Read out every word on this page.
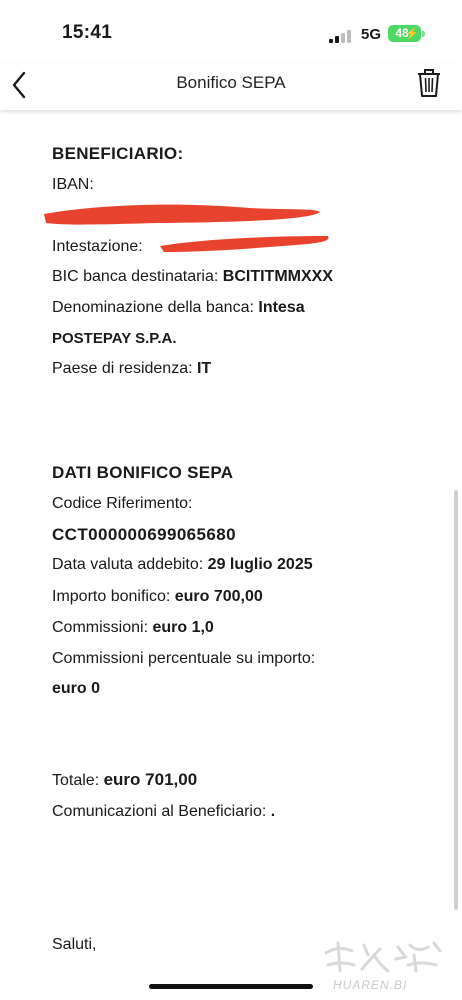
15:41	5G	48
⚡
Bonifico SEPA
BENEFICIARIO:
IBAN:
Intestazione:
BIC banca destinataria: BCITITMMXXX
Denominazione della banca: Intesa
POSTEPAY S.P.A.
Paese di residenza: IT
DATI BONIFICO SEPA
Codice Riferimento:
CCT000000699065680
Data valuta addebito: 29 luglio 2025
Importo bonifico: euro 700,00
Commissioni: euro 1,0
Commissioni percentuale su importo:
euro 0
Totale: euro 701,00
Comunicazioni al Beneficiario: .
Saluti,
HUAREN.BI
